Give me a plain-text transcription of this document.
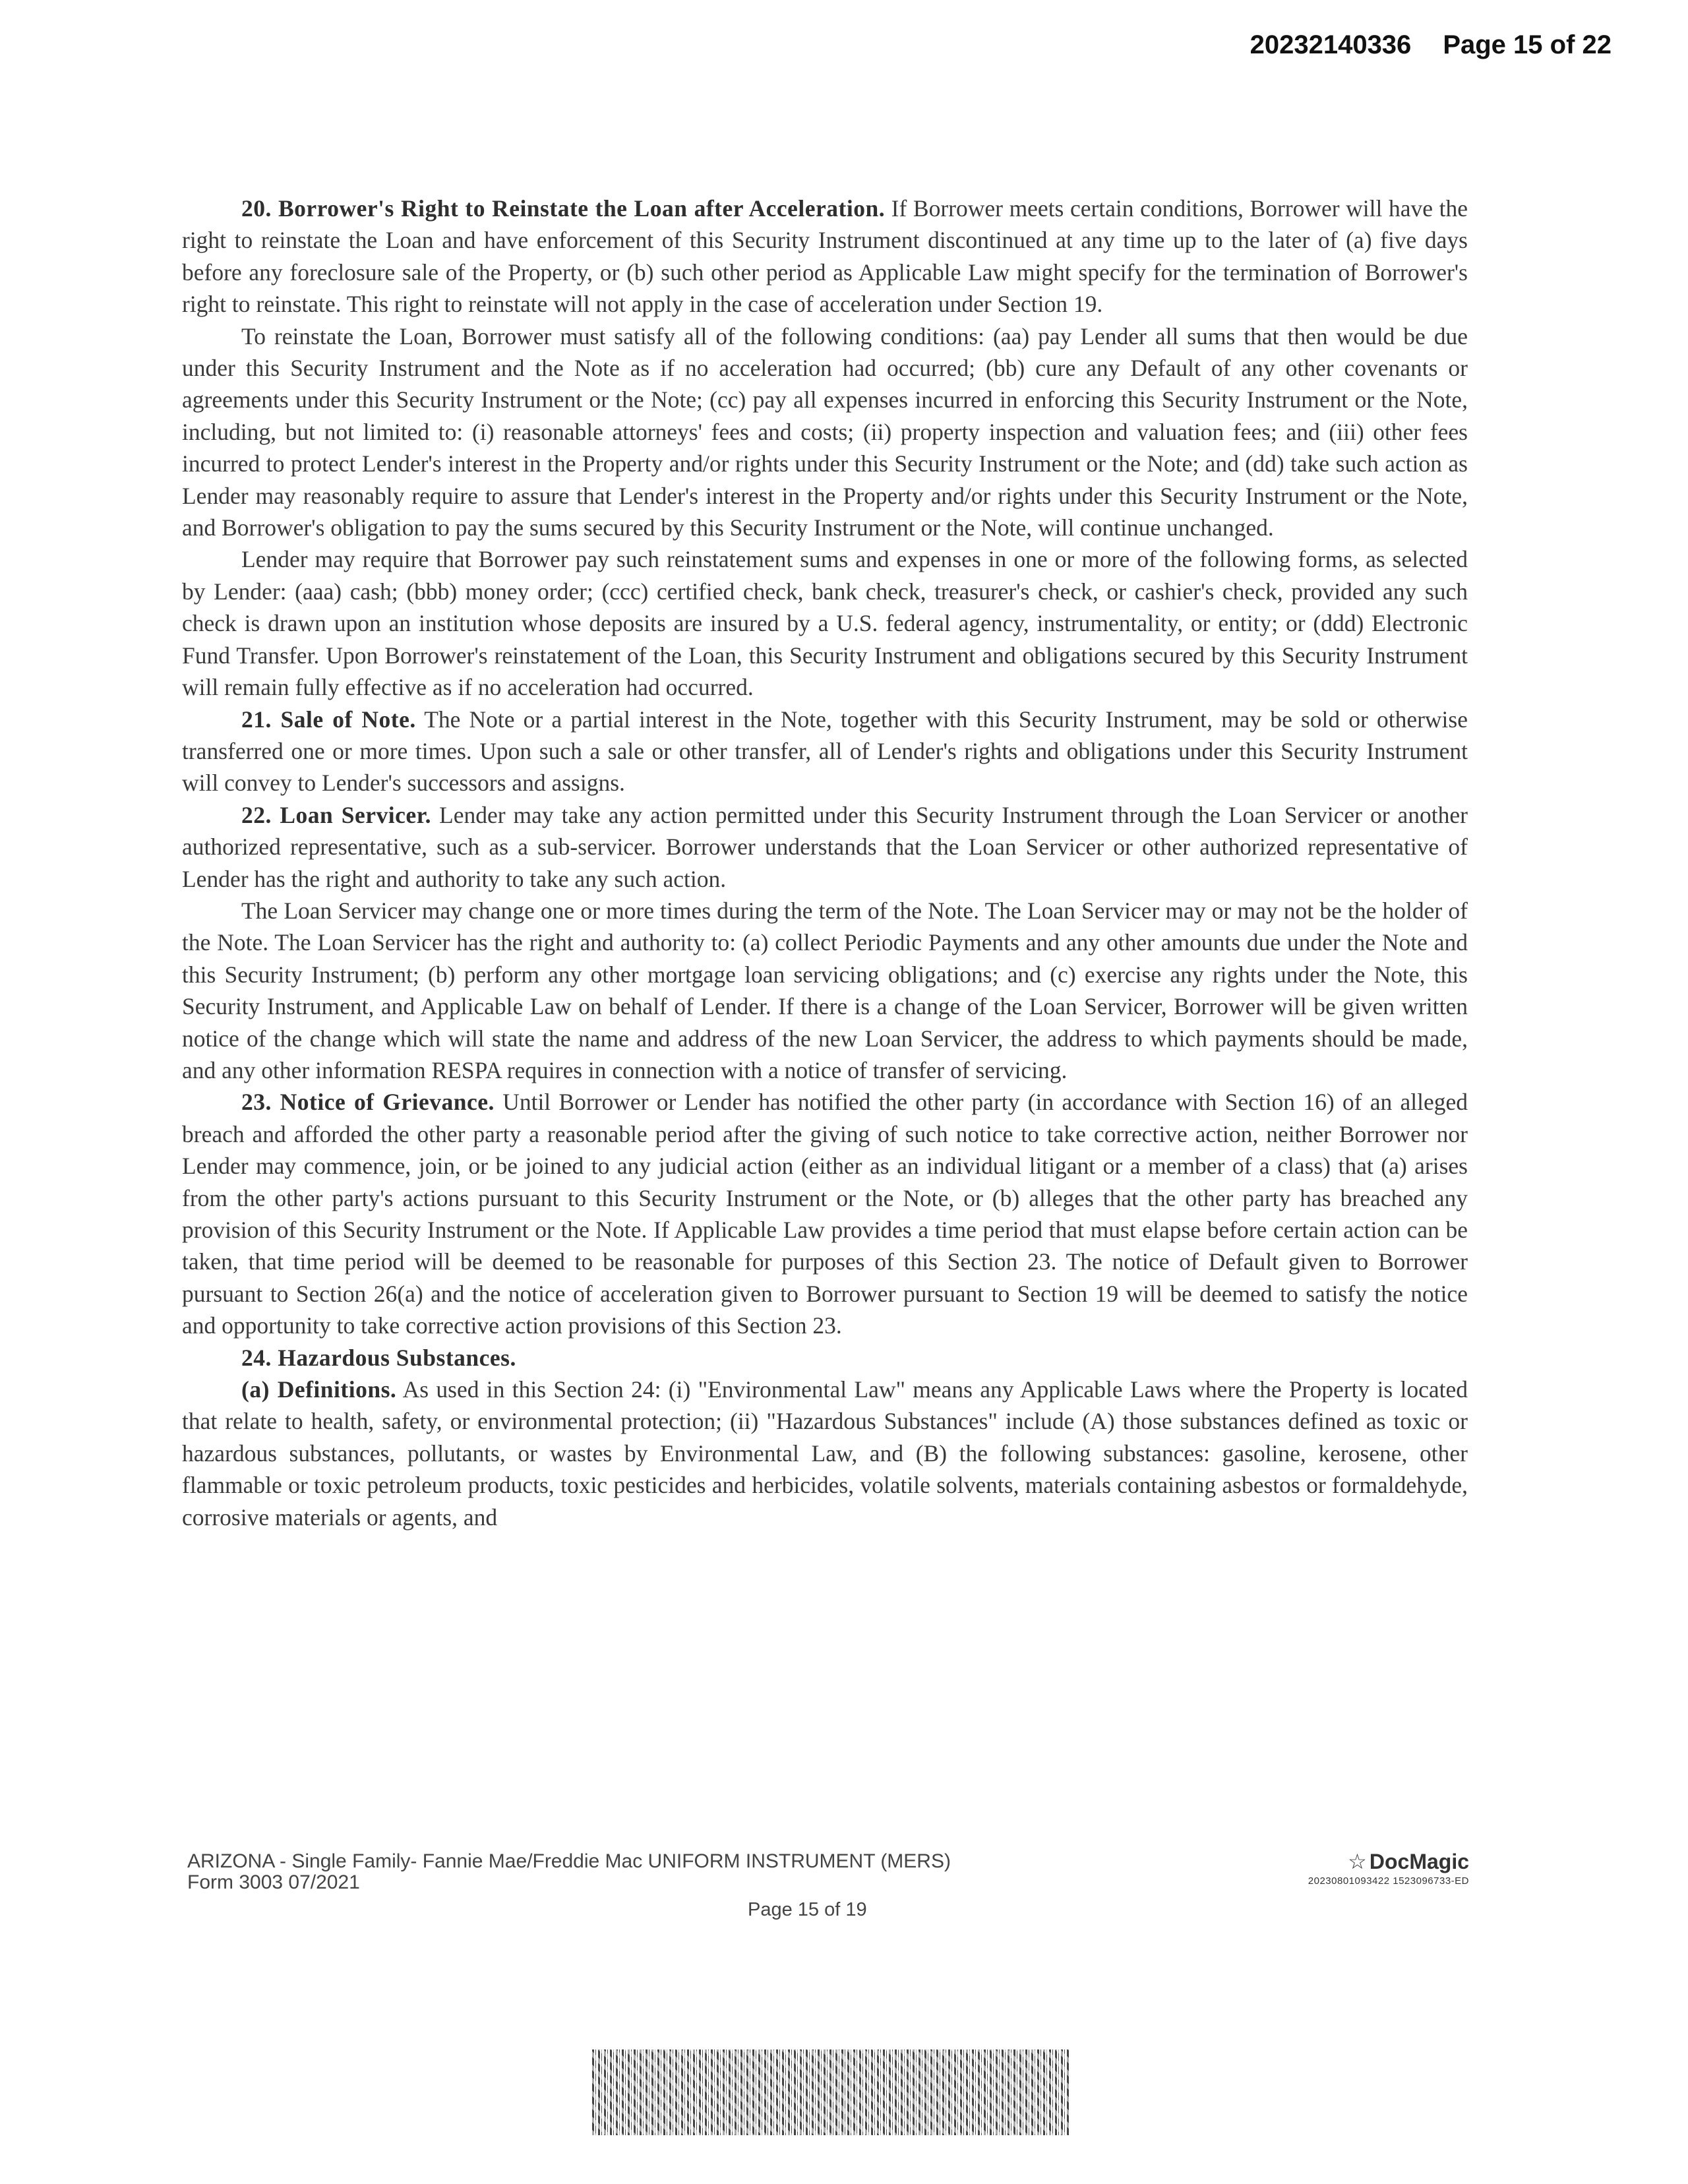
20232140336 Page 15 of 22

20. Borrower's Right to Reinstate the Loan after Acceleration. If Borrower meets certain conditions, Borrower will have the right to reinstate the Loan and have enforcement of this Security Instrument discontinued at any time up to the later of (a) five days before any foreclosure sale of the Property, or (b) such other period as Applicable Law might specify for the termination of Borrower's right to reinstate. This right to reinstate will not apply in the case of acceleration under Section 19.

To reinstate the Loan, Borrower must satisfy all of the following conditions: (aa) pay Lender all sums that then would be due under this Security Instrument and the Note as if no acceleration had occurred; (bb) cure any Default of any other covenants or agreements under this Security Instrument or the Note; (cc) pay all expenses incurred in enforcing this Security Instrument or the Note, including, but not limited to: (i) reasonable attorneys' fees and costs; (ii) property inspection and valuation fees; and (iii) other fees incurred to protect Lender's interest in the Property and/or rights under this Security Instrument or the Note; and (dd) take such action as Lender may reasonably require to assure that Lender's interest in the Property and/or rights under this Security Instrument or the Note, and Borrower's obligation to pay the sums secured by this Security Instrument or the Note, will continue unchanged.

Lender may require that Borrower pay such reinstatement sums and expenses in one or more of the following forms, as selected by Lender: (aaa) cash; (bbb) money order; (ccc) certified check, bank check, treasurer's check, or cashier's check, provided any such check is drawn upon an institution whose deposits are insured by a U.S. federal agency, instrumentality, or entity; or (ddd) Electronic Fund Transfer. Upon Borrower's reinstatement of the Loan, this Security Instrument and obligations secured by this Security Instrument will remain fully effective as if no acceleration had occurred.

21. Sale of Note. The Note or a partial interest in the Note, together with this Security Instrument, may be sold or otherwise transferred one or more times. Upon such a sale or other transfer, all of Lender's rights and obligations under this Security Instrument will convey to Lender's successors and assigns.

22. Loan Servicer. Lender may take any action permitted under this Security Instrument through the Loan Servicer or another authorized representative, such as a sub-servicer. Borrower understands that the Loan Servicer or other authorized representative of Lender has the right and authority to take any such action.

The Loan Servicer may change one or more times during the term of the Note. The Loan Servicer may or may not be the holder of the Note. The Loan Servicer has the right and authority to: (a) collect Periodic Payments and any other amounts due under the Note and this Security Instrument; (b) perform any other mortgage loan servicing obligations; and (c) exercise any rights under the Note, this Security Instrument, and Applicable Law on behalf of Lender. If there is a change of the Loan Servicer, Borrower will be given written notice of the change which will state the name and address of the new Loan Servicer, the address to which payments should be made, and any other information RESPA requires in connection with a notice of transfer of servicing.

23. Notice of Grievance. Until Borrower or Lender has notified the other party (in accordance with Section 16) of an alleged breach and afforded the other party a reasonable period after the giving of such notice to take corrective action, neither Borrower nor Lender may commence, join, or be joined to any judicial action (either as an individual litigant or a member of a class) that (a) arises from the other party's actions pursuant to this Security Instrument or the Note, or (b) alleges that the other party has breached any provision of this Security Instrument or the Note. If Applicable Law provides a time period that must elapse before certain action can be taken, that time period will be deemed to be reasonable for purposes of this Section 23. The notice of Default given to Borrower pursuant to Section 26(a) and the notice of acceleration given to Borrower pursuant to Section 19 will be deemed to satisfy the notice and opportunity to take corrective action provisions of this Section 23.

24. Hazardous Substances.

(a) Definitions. As used in this Section 24: (i) "Environmental Law" means any Applicable Laws where the Property is located that relate to health, safety, or environmental protection; (ii) "Hazardous Substances" include (A) those substances defined as toxic or hazardous substances, pollutants, or wastes by Environmental Law, and (B) the following substances: gasoline, kerosene, other flammable or toxic petroleum products, toxic pesticides and herbicides, volatile solvents, materials containing asbestos or formaldehyde, corrosive materials or agents, and

ARIZONA - Single Family- Fannie Mae/Freddie Mac UNIFORM INSTRUMENT (MERS)
Form 3003 07/2021
Page 15 of 19
☆ DocMagic
20230801093422 1523096733-ED
